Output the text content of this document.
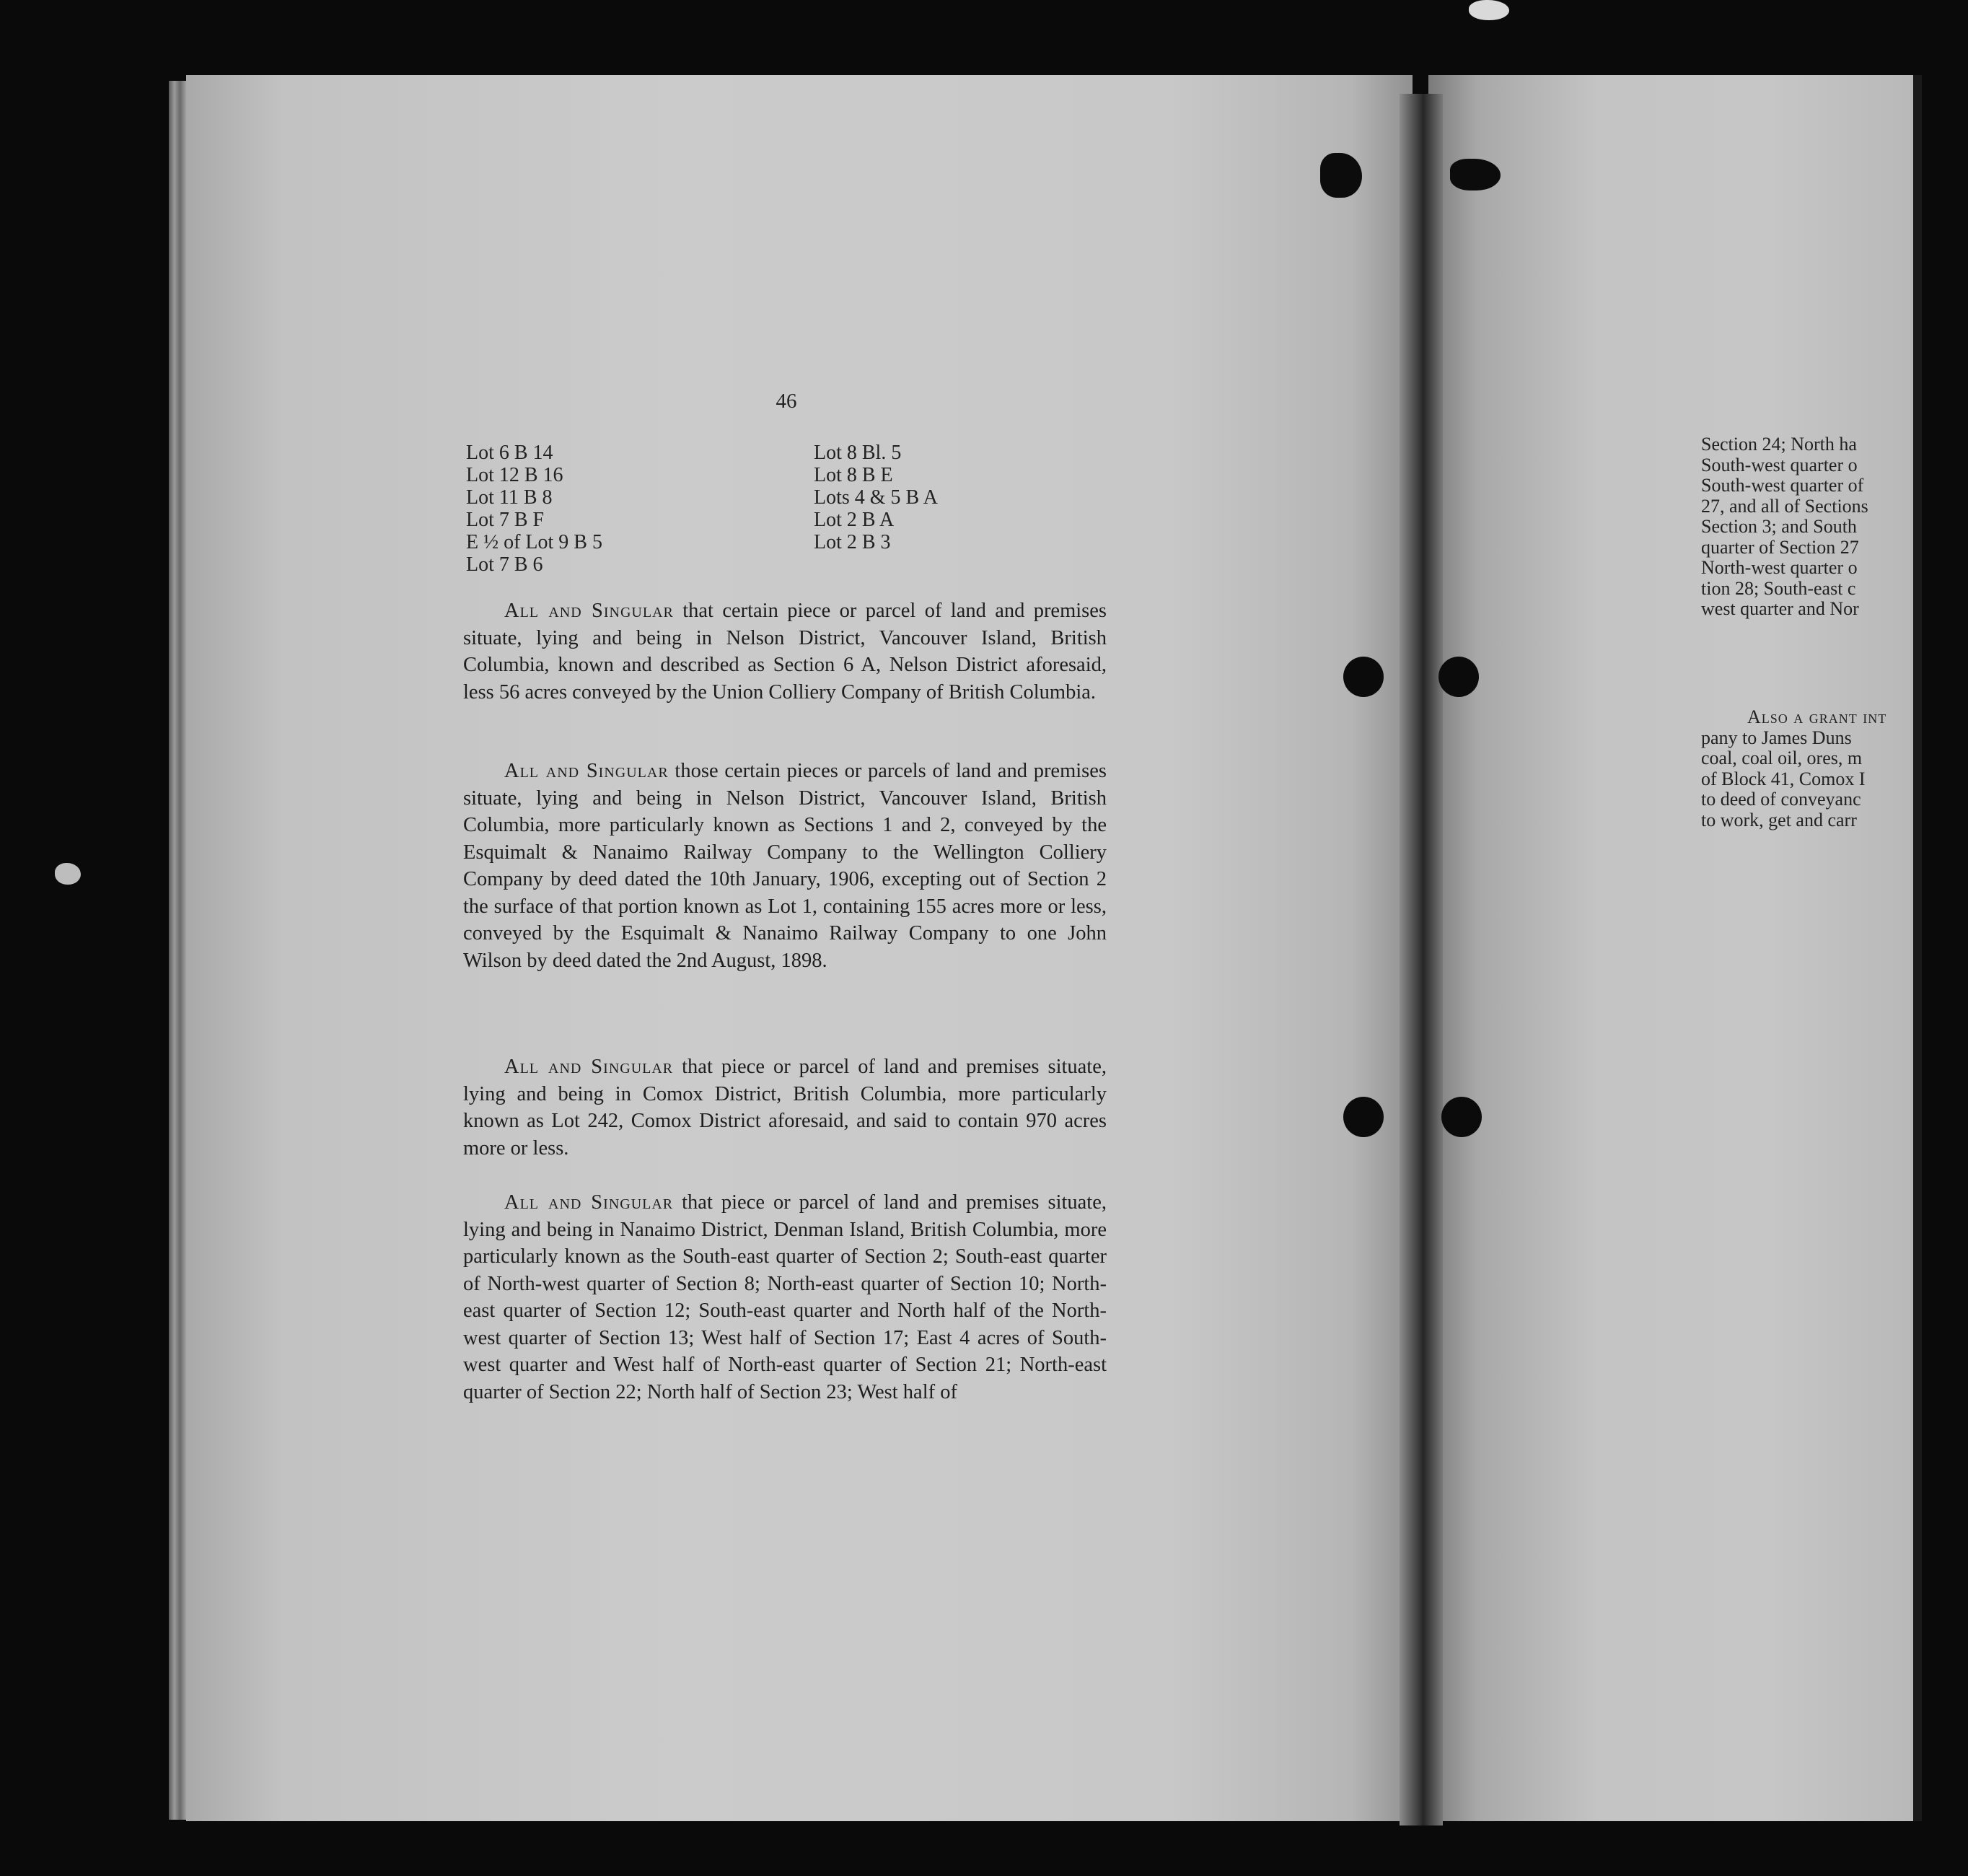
46
Lot 6 B 14
Lot 12 B 16
Lot 11 B 8
Lot 7 B F
E ½ of Lot 9 B 5
Lot 7 B 6
Lot 8 Bl. 5
Lot 8 B E
Lots 4 & 5 B A
Lot 2 B A
Lot 2 B 3

  All and Singular that certain piece or parcel of land and premises situate, lying and being in Nelson District, Vancouver Island, British Columbia, known and described as Section 6 A, Nelson District aforesaid, less 56 acres conveyed by the Union Colliery Company of British Columbia.

  All and Singular those certain pieces or parcels of land and premises situate, lying and being in Nelson District, Vancouver Island, British Columbia, more particularly known as Sections 1 and 2, conveyed by the Esquimalt & Nanaimo Railway Company to the Wellington Colliery Company by deed dated the 10th January, 1906, excepting out of Section 2 the surface of that portion known as Lot 1, containing 155 acres more or less, conveyed by the Esquimalt & Nanaimo Railway Company to one John Wilson by deed dated the 2nd August, 1898.

  All and Singular that piece or parcel of land and premises situate, lying and being in Comox District, British Columbia, more particularly known as Lot 242, Comox District aforesaid, and said to contain 970 acres more or less.

  All and Singular that piece or parcel of land and premises situate, lying and being in Nanaimo District, Denman Island, British Columbia, more particularly known as the South-east quarter of Section 2; South-east quarter of North-west quarter of Section 8; North-east quarter of Section 10; North-east quarter of Section 12; South-east quarter and North half of the North-west quarter of Section 13; West half of Section 17; East 4 acres of South-west quarter and West half of North-east quarter of Section 21; North-east quarter of Section 22; North half of Section 23; West half of

Section 24; North ha
South-west quarter o
South-west quarter of
27, and all of Sections
Section 3; and South
quarter of Section 27
North-west quarter o
tion 28; South-east c
west quarter and Nor
Also a grant int
pany to James Duns
coal, coal oil, ores, m
of Block 41, Comox I
to deed of conveyanc
to work, get and carr
